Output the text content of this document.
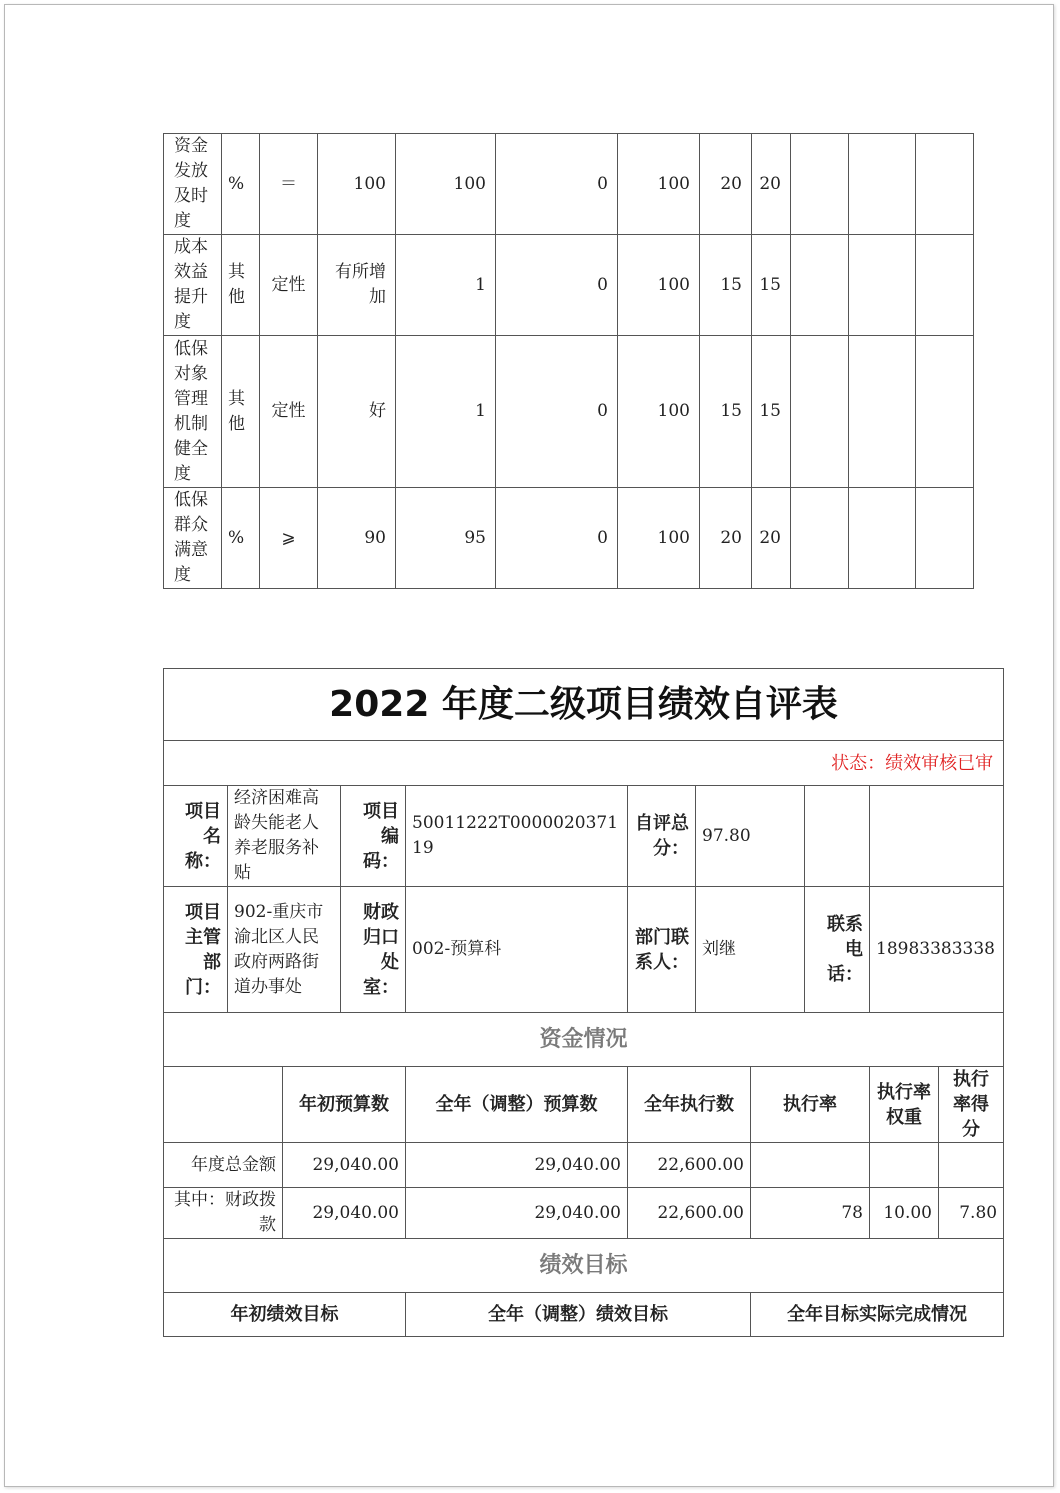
资金发放及时度	%	＝	100	100	0	100	20	20			
成本效益提升度	其他	定性	有所增加	1	0	100	15	15			
低保对象管理机制健全度	其他	定性	好	1	0	100	15	15			
低保群众满意度	%	⩾	90	95	0	100	20	20			
2022 年度二级项目绩效自评表										
状态：绩效审核已审										
项目名称：	经济困难高龄失能老人养老服务补贴		项目编码：	50011222T000002037119	自评总分：	97.80				
项目主管部门：	902-重庆市渝北区人民政府两路街道办事处		财政归口处室：	002-预算科	部门联系人：	刘继		联系电话：	18983383338	
资金情况										
		年初预算数		全年（调整）预算数	全年执行数		执行率		执行率权重	执行率得分
年度总金额		29,040.00		29,040.00	22,600.00					
其中：财政拨款		29,040.00		29,040.00	22,600.00		78		10.00	7.80
绩效目标										
年初绩效目标				全年（调整）绩效目标			全年目标实际完成情况			
